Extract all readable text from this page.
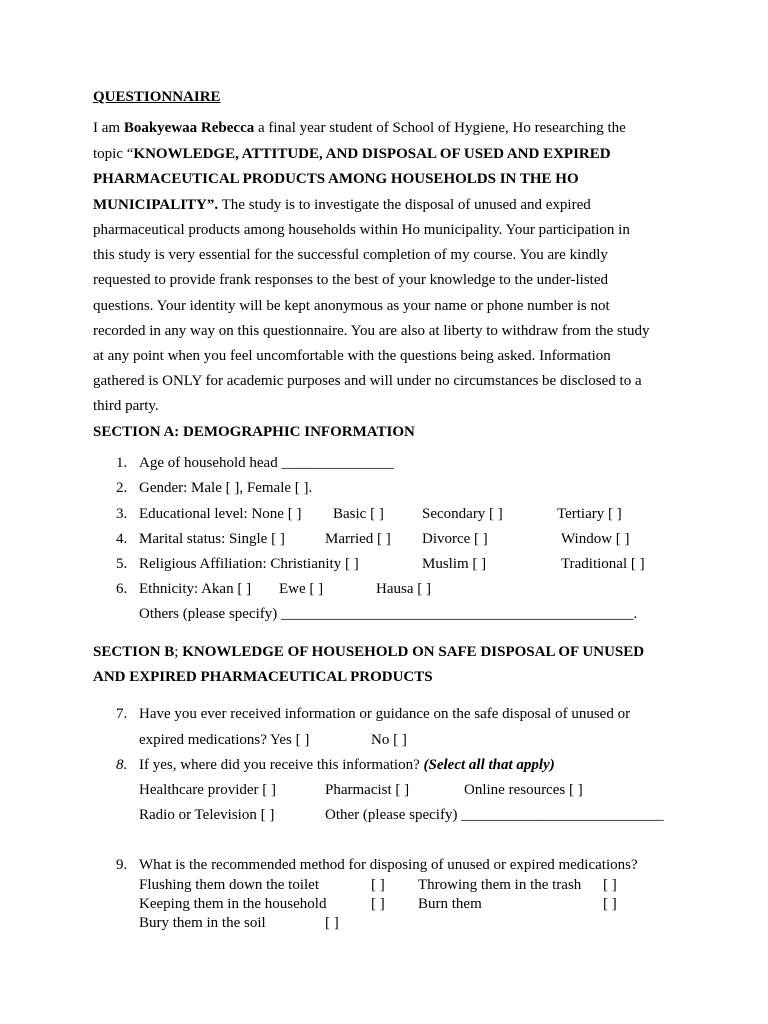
QUESTIONNAIRE
I am Boakyewaa Rebecca a final year student of School of Hygiene, Ho researching the
topic “KNOWLEDGE, ATTITUDE, AND DISPOSAL OF USED AND EXPIRED
PHARMACEUTICAL PRODUCTS AMONG HOUSEHOLDS IN THE HO
MUNICIPALITY”. The study is to investigate the disposal of unused and expired
pharmaceutical products among households within Ho municipality. Your participation in
this study is very essential for the successful completion of my course. You are kindly
requested to provide frank responses to the best of your knowledge to the under-listed
questions. Your identity will be kept anonymous as your name or phone number is not
recorded in any way on this questionnaire. You are also at liberty to withdraw from the study
at any point when you feel uncomfortable with the questions being asked. Information
gathered is ONLY for academic purposes and will under no circumstances be disclosed to a
third party.
SECTION A: DEMOGRAPHIC INFORMATION
1. Age of household head _______________
2. Gender: Male [ ], Female [ ].
3. Educational level: None [ ] Basic [ ]	Secondary [ ]	Tertiary [ ]
4. Marital status: Single [ ]	Married [ ] Divorce [ ]	Window [ ]
5. Religious Affiliation: Christianity [ ]	Muslim [ ]	Traditional [ ]
6. Ethnicity: Akan [ ] Ewe [ ]	Hausa [ ]
Others (please specify) _______________________________________________.
SECTION B; KNOWLEDGE OF HOUSEHOLD ON SAFE DISPOSAL OF UNUSED
AND EXPIRED PHARMACEUTICAL PRODUCTS
7. Have you ever received information or guidance on the safe disposal of unused or
expired medications? Yes [ ]	No [ ]
8. If yes, where did you receive this information? (Select all that apply)
Healthcare provider [ ]	Pharmacist [ ]	Online resources [ ]
Radio or Television [ ]	Other (please specify) ___________________________
9. What is the recommended method for disposing of unused or expired medications?
Flushing them down the toilet	[ ] Throwing them in the trash [ ]
Keeping them in the household	[ ] Burn them	[ ]
Bury them in the soil	[ ]
